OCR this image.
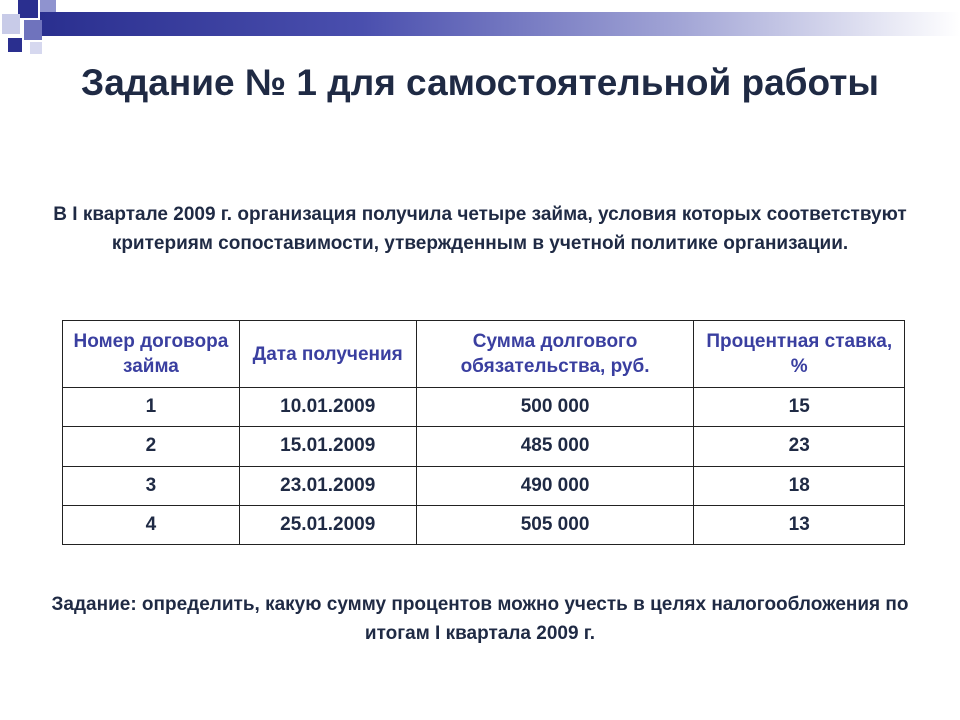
Задание № 1 для самостоятельной работы
В I квартале 2009 г. организация получила четыре займа, условия которых соответствуют критериям сопоставимости, утвержденным в учетной политике организации.
Номер договора займа	Дата получения	Сумма долгового обязательства, руб.	Процентная ставка, %
1	10.01.2009	500 000	15
2	15.01.2009	485 000	23
3	23.01.2009	490 000	18
4	25.01.2009	505 000	13
Задание: определить, какую сумму процентов можно учесть в целях налогообложения по итогам I квартала 2009 г.
